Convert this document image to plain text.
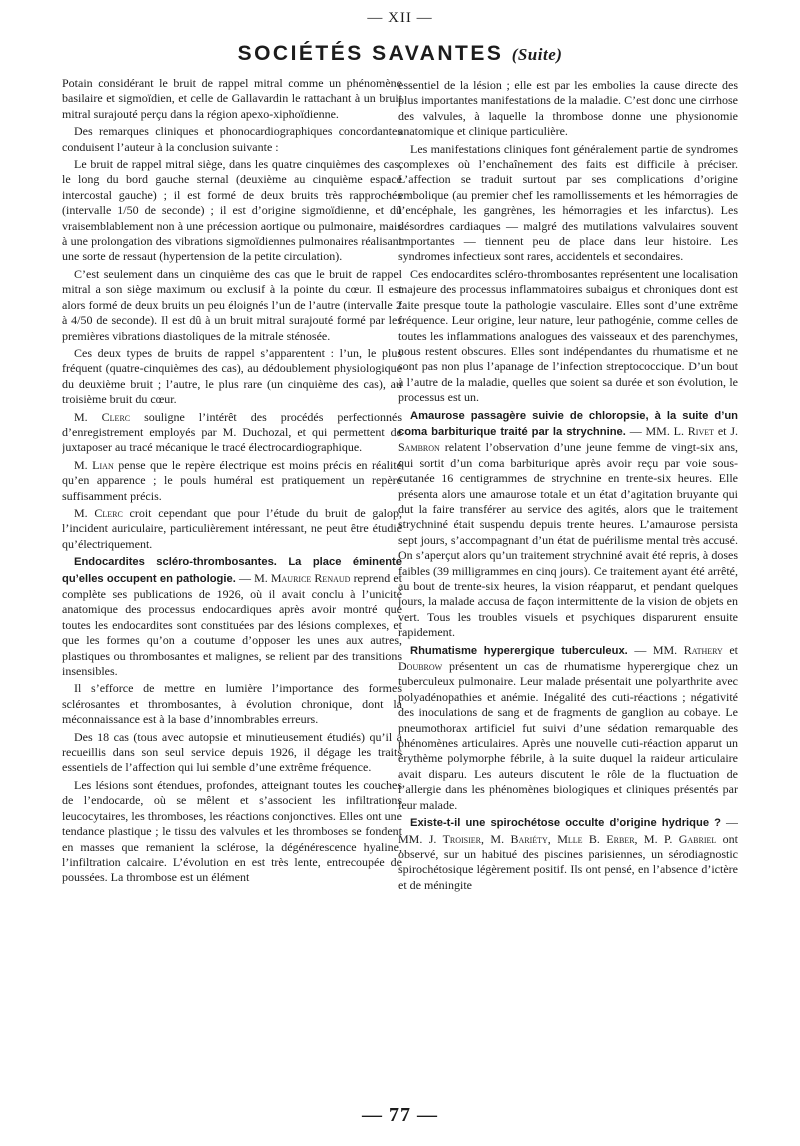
— XII —
SOCIÉTÉS SAVANTES (Suite)

Potain considérant le bruit de rappel mitral comme un phénomène basilaire et sigmoïdien, et celle de Gallavardin le rattachant à un bruit mitral surajouté perçu dans la région apexo-xiphoïdienne.

Des remarques cliniques et phonocardiographiques concordantes conduisent l’auteur à la conclusion suivante :

Le bruit de rappel mitral siège, dans les quatre cinquièmes des cas, le long du bord gauche sternal (deuxième au cinquième espace intercostal gauche) ; il est formé de deux bruits très rapprochés (intervalle 1/50 de seconde) ; il est d’origine sigmoïdienne, et dû vraisemblablement non à une précession aortique ou pulmonaire, mais à une prolongation des vibrations sigmoïdiennes pulmonaires réalisant une sorte de ressaut (hypertension de la petite circulation).

C’est seulement dans un cinquième des cas que le bruit de rappel mitral a son siège maximum ou exclusif à la pointe du cœur. Il est alors formé de deux bruits un peu éloignés l’un de l’autre (intervalle 2 à 4/50 de seconde). Il est dû à un bruit mitral surajouté formé par les premières vibrations diastoliques de la mitrale sténosée.

Ces deux types de bruits de rappel s’apparentent : l’un, le plus fréquent (quatre-cinquièmes des cas), au dédoublement physiologique du deuxième bruit ; l’autre, le plus rare (un cinquième des cas), au troisième bruit du cœur.

M. Clerc souligne l’intérêt des procédés perfectionnés d’enregistrement employés par M. Duchozal, et qui permettent de juxtaposer au tracé mécanique le tracé électrocardiographique.

M. Lian pense que le repère électrique est moins précis en réalité qu’en apparence ; le pouls huméral est pratiquement un repère suffisamment précis.

M. Clerc croit cependant que pour l’étude du bruit de galop, l’incident auriculaire, particulièrement intéressant, ne peut être étudié qu’électriquement.

Endocardites scléro-thrombosantes. La place éminente qu’elles occupent en pathologie. — M. Maurice Renaud reprend et complète ses publications de 1926, où il avait conclu à l’unicité anatomique des processus endocardiques après avoir montré que toutes les endocardites sont constituées par des lésions complexes, et que les formes qu’on a coutume d’opposer les unes aux autres, plastiques ou thrombosantes et malignes, se relient par des transitions insensibles.

Il s’efforce de mettre en lumière l’importance des formes sclérosantes et thrombosantes, à évolution chronique, dont la méconnaissance est à la base d’innombrables erreurs.

Des 18 cas (tous avec autopsie et minutieusement étudiés) qu’il a recueillis dans son seul service depuis 1926, il dégage les traits essentiels de l’affection qui lui semble d’une extrême fréquence.

Les lésions sont étendues, profondes, atteignant toutes les couches de l’endocarde, où se mêlent et s’associent les infiltrations leucocytaires, les thromboses, les réactions conjonctives. Elles ont une tendance plastique ; le tissu des valvules et les thromboses se fondent en masses que remanient la sclérose, la dégénérescence hyaline, l’infiltration calcaire. L’évolution en est très lente, entrecoupée de poussées. La thrombose est un élément

essentiel de la lésion ; elle est par les embolies la cause directe des plus importantes manifestations de la maladie. C’est donc une cirrhose des valvules, à laquelle la thrombose donne une physionomie anatomique et clinique particulière.

Les manifestations cliniques font généralement partie de syndromes complexes où l’enchaînement des faits est difficile à préciser. L’affection se traduit surtout par ses complications d’origine embolique (au premier chef les ramollissements et les hémorragies de l’encéphale, les gangrènes, les hémorragies et les infarctus). Les désordres cardiaques — malgré des mutilations valvulaires souvent importantes — tiennent peu de place dans leur histoire. Les syndromes infectieux sont rares, accidentels et secondaires.

Ces endocardites scléro-thrombosantes représentent une localisation majeure des processus inflammatoires subaigus et chroniques dont est faite presque toute la pathologie vasculaire. Elles sont d’une extrême fréquence. Leur origine, leur nature, leur pathogénie, comme celles de toutes les inflammations analogues des vaisseaux et des parenchymes, nous restent obscures. Elles sont indépendantes du rhumatisme et ne sont pas non plus l’apanage de l’infection streptococcique. D’un bout à l’autre de la maladie, quelles que soient sa durée et son évolution, le processus est un.

Amaurose passagère suivie de chloropsie, à la suite d’un coma barbiturique traité par la strychnine. — MM. L. Rivet et J. Sambron relatent l’observation d’une jeune femme de vingt-six ans, qui sortit d’un coma barbiturique après avoir reçu par voie sous-cutanée 16 centigrammes de strychnine en trente-six heures. Elle présenta alors une amaurose totale et un état d’agitation bruyante qui dut la faire transférer au service des agités, alors que le traitement strychniné était suspendu depuis trente heures. L’amaurose persista sept jours, s’accompagnant d’un état de puérilisme mental très accusé. On s’aperçut alors qu’un traitement strychniné avait été repris, à doses faibles (39 milligrammes en cinq jours). Ce traitement ayant été arrêté, au bout de trente-six heures, la vision réapparut, et pendant quelques jours, la malade accusa de façon intermittente de la vision de objets en vert. Tous les troubles visuels et psychiques disparurent ensuite rapidement.

Rhumatisme hyperergique tuberculeux. — MM. Rathery et Doubrow présentent un cas de rhumatisme hyperergique chez un tuberculeux pulmonaire. Leur malade présentait une polyarthrite avec polyadénopathies et anémie. Inégalité des cuti-réactions ; négativité des inoculations de sang et de fragments de ganglion au cobaye. Le pneumothorax artificiel fut suivi d’une sédation remarquable des phénomènes articulaires. Après une nouvelle cuti-réaction apparut un érythème polymorphe fébrile, à la suite duquel la raideur articulaire avait disparu. Les auteurs discutent le rôle de la fluctuation de l’allergie dans les phénomènes biologiques et cliniques présentés par leur malade.

Existe-t-il une spirochétose occulte d’origine hydrique ? — MM. J. Troisier, M. Bariéty, Mlle B. Erber, M. P. Gabriel ont observé, sur un habitué des piscines parisiennes, un sérodiagnostic spirochétosique légèrement positif. Ils ont pensé, en l’absence d’ictère et de méningite

— 77 —
